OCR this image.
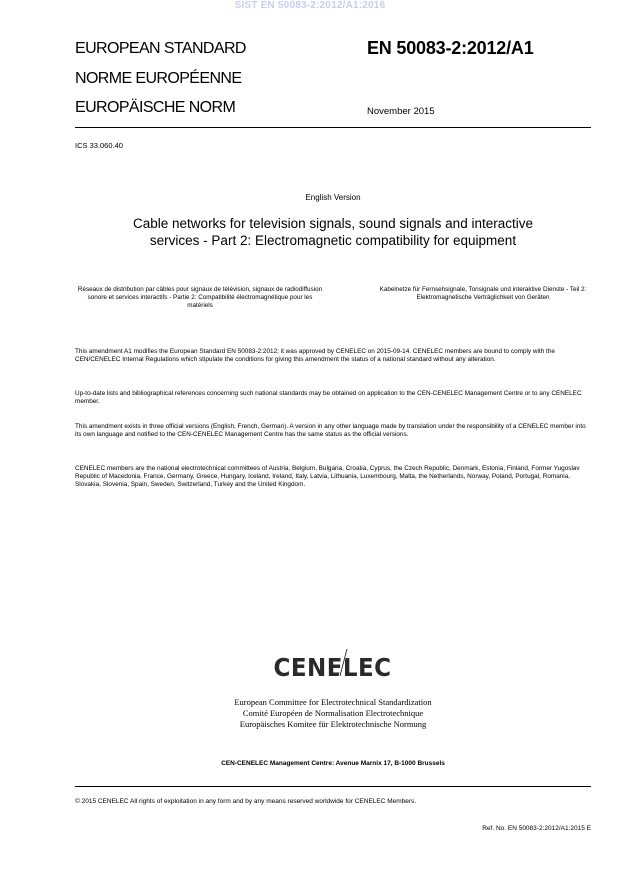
SIST EN 50083-2:2012/A1:2016
EUROPEAN STANDARD
NORME EUROPÉENNE
EUROPÄISCHE NORM
EN 50083-2:2012/A1
November 2015
ICS 33.060.40
English Version
Cable networks for television signals, sound signals and interactive services - Part 2: Electromagnetic compatibility for equipment
Réseaux de distribution par câbles pour signaux de télévision, signaux de radiodiffusion sonore et services interactifs - Partie 2: Compatibilité électromagnétique pour les matériels
Kabelnetze für Fernsehsignale, Tonsignale und interaktive Dienste - Teil 2: Elektromagnetische Verträglichkeit von Geräten
This amendment A1 modifies the European Standard EN 50083-2:2012; it was approved by CENELEC on 2015-09-14. CENELEC members are bound to comply with the CEN/CENELEC Internal Regulations which stipulate the conditions for giving this amendment the status of a national standard without any alteration.
Up-to-date lists and bibliographical references concerning such national standards may be obtained on application to the CEN-CENELEC Management Centre or to any CENELEC member.
This amendment exists in three official versions (English, French, German). A version in any other language made by translation under the responsibility of a CENELEC member into its own language and notified to the CEN-CENELEC Management Centre has the same status as the official versions.
CENELEC members are the national electrotechnical committees of Austria, Belgium, Bulgaria, Croatia, Cyprus, the Czech Republic, Denmark, Estonia, Finland, Former Yugoslav Republic of Macedonia, France, Germany, Greece, Hungary, Iceland, Ireland, Italy, Latvia, Lithuania, Luxembourg, Malta, the Netherlands, Norway, Poland, Portugal, Romania, Slovakia, Slovenia, Spain, Sweden, Switzerland, Turkey and the United Kingdom.
CENELEC
European Committee for Electrotechnical Standardization
Comité Européen de Normalisation Electrotechnique
Europäisches Komitee für Elektrotechnische Normung
CEN-CENELEC Management Centre: Avenue Marnix 17, B-1000 Brussels
© 2015 CENELEC All rights of exploitation in any form and by any means reserved worldwide for CENELEC Members.
Ref. No. EN 50083-2:2012/A1:2015 E
